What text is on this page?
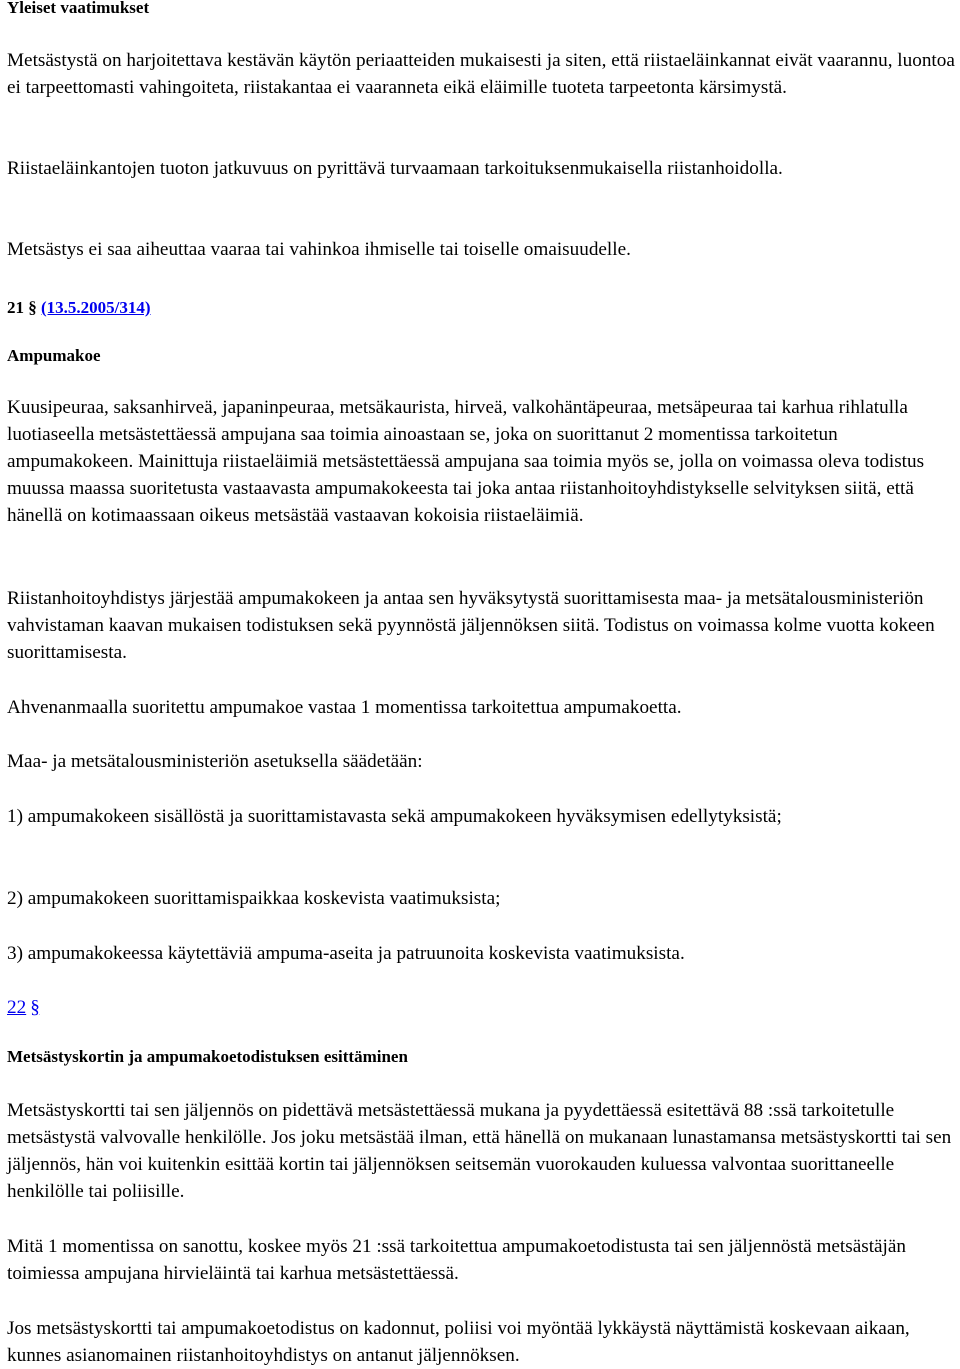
Yleiset vaatimukset

Metsästystä on harjoitettava kestävän käytön periaatteiden mukaisesti ja siten, että riistaeläinkannat eivät vaarannu, luontoa ei tarpeettomasti vahingoiteta, riistakantaa ei vaaranneta eikä eläimille tuoteta tarpeetonta kärsimystä.

Riistaeläinkantojen tuoton jatkuvuus on pyrittävä turvaamaan tarkoituksenmukaisella riistanhoidolla.

Metsästys ei saa aiheuttaa vaaraa tai vahinkoa ihmiselle tai toiselle omaisuudelle.

21 § (13.5.2005/314)

Ampumakoe

Kuusipeuraa, saksanhirveä, japaninpeuraa, metsäkauristа, hirveä, valkohäntäpeuraa, metsäpeuraa tai karhua rihlatulla luotiaseella metsästettäessä ampujana saa toimia ainoastaan se, joka on suorittanut 2 momentissa tarkoitetun ampumakokeen. Mainittuja riistaeläimiä metsästettäessä ampujana saa toimia myös se, jolla on voimassa oleva todistus muussa maassa suoritetusta vastaavasta ampumakokeesta tai joka antaa riistanhoitoyhdistykselle selvityksen siitä, että hänellä on kotimaassaan oikeus metsästää vastaavan kokoisia riistaeläimiä.

Riistanhoitoyhdistys järjestää ampumakokeen ja antaa sen hyväksytystä suorittamisesta maa- ja metsätalousministeriön vahvistaman kaavan mukaisen todistuksen sekä pyynnöstä jäljennöksen siitä. Todistus on voimassa kolme vuotta kokeen suorittamisesta.

Ahvenanmaalla suoritettu ampumakoe vastaa 1 momentissa tarkoitettua ampumakoetta.

Maa- ja metsätalousministeriön asetuksella säädetään:

1) ampumakokeen sisällöstä ja suorittamistavasta sekä ampumakokeen hyväksymisen edellytyksistä;

2) ampumakokeen suorittamispaikkaa koskevista vaatimuksista;

3) ampumakokeessa käytettäviä ampuma-aseita ja patruunoita koskevista vaatimuksista.

22 §

Metsästyskortin ja ampumakoetodistuksen esittäminen

Metsästyskortti tai sen jäljennös on pidettävä metsästettäessä mukana ja pyydettäessä esitettävä 88 :ssä tarkoitetulle metsästystä valvovalle henkilölle. Jos joku metsästää ilman, että hänellä on mukanaan lunastamansa metsästyskortti tai sen jäljennös, hän voi kuitenkin esittää kortin tai jäljennöksen seitsemän vuorokauden kuluessa valvontaa suorittaneelle henkilölle tai poliisille.

Mitä 1 momentissa on sanottu, koskee myös 21 :ssä tarkoitettua ampumakoetodistusta tai sen jäljennöstä metsästäjän toimiessa ampujana hirvieläintä tai karhua metsästettäessä.

Jos metsästyskortti tai ampumakoetodistus on kadonnut, poliisi voi myöntää lykkäystä näyttämistä koskevaan aikaan, kunnes asianomainen riistanhoitoyhdistys on antanut jäljennöksen.
